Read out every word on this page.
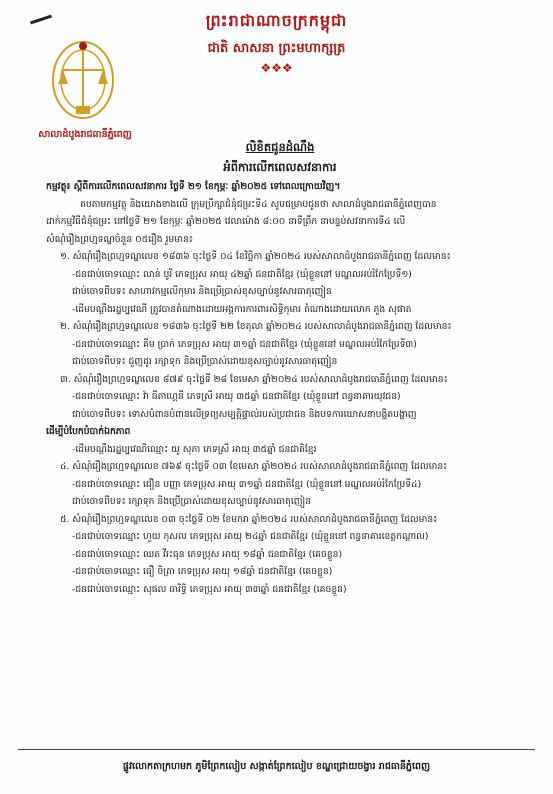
ព្រះរាជាណាចក្រកម្ពុជា
ជាតិ សាសនា ព្រះមហាក្សត្រ
❖❖❖
សាលាដំបូងរាជធានីភ្នំពេញ
លិខិតជូនដំណឹង
អំពីការលើកពេលសវនាការ
កម្មវត្ថុ៖ ស្តីពីការលើកពេលសវនាការ ថ្ងៃទី ២១ ខែកុម្ភៈ ឆ្នាំ២០២៥ ទៅពេលក្រោយវិញ។
តបតាមកម្មវត្ថុ និងយោងខាងលើ ក្រុមប្រឹក្សាជំនុំជម្រះទី៤ សូមជម្រាបជូនថា សាលាដំបូងរាជធានីភ្នំពេញបាន
ដាក់កម្មវិធីជំនុំជម្រះ នៅថ្ងៃទី ២១ ខែកុម្ភៈ ឆ្នាំ២០២៥ វេលាម៉ោង ៨:០០ នាទីព្រឹក នាបន្ទប់សវនាការទី៤ លើ
សំណុំរឿងព្រហ្មទណ្ឌចំនួន ០៥រឿង រួមមាន៖
១. សំណុំរឿងព្រហ្មទណ្ឌលេខ ១៨៣៦ ចុះថ្ងៃទី ០៤ ខែវិច្ឆិកា ឆ្នាំ២០២៤ របស់សាលាដំបូងរាជធានីភ្នំពេញ ដែលមាន៖
-ជនជាប់ចោទឈ្មោះ លាន់ បូរី ភេទប្រុស អាយុ ៤២ឆ្នាំ ជនជាតិខ្មែរ (ឃុំខ្លួននៅ មណ្ឌលអប់រំកែប្រែទី១)
ជាប់ចោទពីបទ៖ សាហាវកម្មលើកុមារ និងប្រើប្រាស់ខុសច្បាប់នូវសារធាតុញៀន
-ដើមបណ្តឹងរដ្ឋប្បវេណី ត្រូវបានតំណាងដោយអង្គការការពារសិទ្ធិកុមារ តំណាងដោយលោក ភួង សុផាត
២. សំណុំរឿងព្រហ្មទណ្ឌលេខ ១៨៣៦ ចុះថ្ងៃទី ២២ ខែតុលា ឆ្នាំ២០២៤ របស់សាលាដំបូងរាជធានីភ្នំពេញ ដែលមាន៖
-ជនជាប់ចោទឈ្មោះ គីម ប្រាក់ ភេទប្រុស អាយុ ៣១ឆ្នាំ ជនជាតិខ្មែរ (ឃុំខ្លួននៅ មណ្ឌលអប់រំកែប្រែទី៣)
ជាប់ចោទពីបទ៖ ជួញដូរ រក្សាទុក និងប្រើប្រាស់ដោយខុសច្បាប់នូវសារធាតុញៀន
៣. សំណុំរឿងព្រហ្មទណ្ឌលេខ ៨៧៩ ចុះថ្ងៃទី ២៨ ខែមេសា ឆ្នាំ២០២៤ របស់សាលាដំបូងរាជធានីភ្នំពេញ ដែលមាន៖
-ជនជាប់ចោទឈ្មោះ វ៉ា ធីតាហ្គេនី ភេទស្រី អាយុ ៣៥ឆ្នាំ ជនជាតិខ្មែរ (ឃុំខ្លួននៅ ពន្ធនាគារយុវជន)
ជាប់ចោទពីបទ៖ ទោសបំពានបំពានលើទ្រព្យសម្បត្តិផ្ទាល់របស់ប្រជាជន និងបទការឃោសនាបង្ហិតបង្ហាញ
ដើម្បីបំបែកបំបាក់ឯកភាព
-ដើមបណ្តឹងរដ្ឋប្បវេណីឈ្មោះ យូ សុភា ភេទស្រី អាយុ ៣៥ឆ្នាំ ជនជាតិខ្មែរ
៤. សំណុំរឿងព្រហ្មទណ្ឌលេខ ៧៦៩ ចុះថ្ងៃទី ០៣ ខែមេសា ឆ្នាំ២០២៤ របស់សាលាដំបូងរាជធានីភ្នំពេញ ដែលមាន៖
-ជនជាប់ចោទឈ្មោះ ជឿន បញ្ញា ភេទប្រុស អាយុ ៣១ឆ្នាំ ជនជាតិខ្មែរ (ឃុំខ្លួននៅ មណ្ឌលអប់រំកែប្រែទី៤)
ជាប់ចោទពីបទ៖ រក្សាទុក និងប្រើប្រាស់ដោយខុសច្បាប់នូវសារធាតុញៀន
៥. សំណុំរឿងព្រហ្មទណ្ឌលេខ ០៣ ចុះថ្ងៃទី ០២ ខែមករា ឆ្នាំ២០២៤ របស់សាលាដំបូងរាជធានីភ្នំពេញ ដែលមាន៖
-ជនជាប់ចោទឈ្មោះ ហួយ កុសល ភេទប្រុស អាយុ ២៤ឆ្នាំ ជនជាតិខ្មែរ (ឃុំខ្លួននៅ ពន្ធនាគារខេត្តកណ្តាល)
-ជនជាប់ចោទឈ្មោះ ឈត វីរះធុន ភេទប្រុស អាយុ ១៨ឆ្នាំ ជនជាតិខ្មែរ (គេចខ្លួន)
-ជនជាប់ចោទឈ្មោះ ធឿ ចិត្រា ភេទប្រុស អាយុ ១៨ឆ្នាំ ជនជាតិខ្មែរ (គេចខ្លួន)
-ជនជាប់ចោទឈ្មោះ សុផល ធារិទ្ធិ ភេទប្រុស អាយុ ៣៣ឆ្នាំ ជនជាតិខ្មែរ (គេចខ្លួន)
ផ្លូវលោកតាក្រហមក ភូមិព្រែកលៀប សង្កាត់ព្រែកលៀប ខណ្ឌជ្រោយចង្វារ រាជធានីភ្នំពេញ
